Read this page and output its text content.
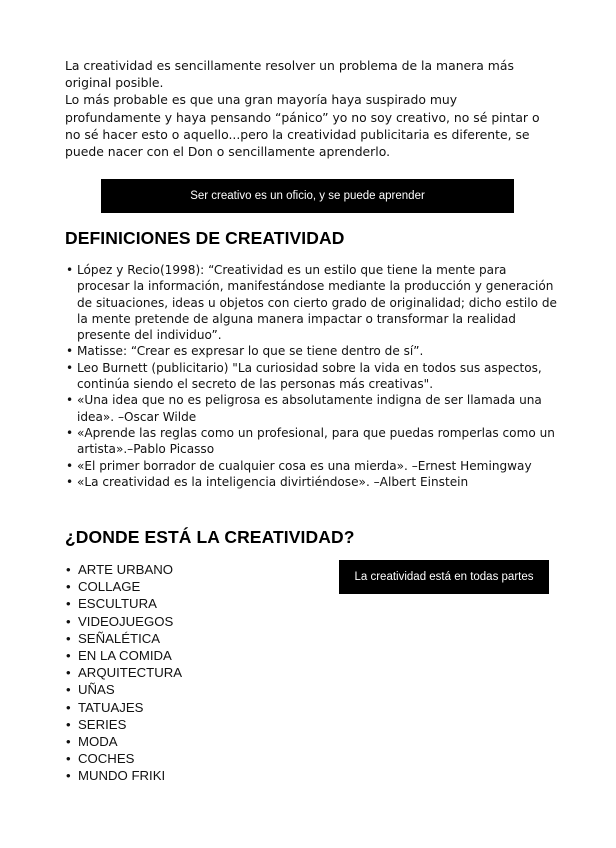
La creatividad es sencillamente resolver un problema de la manera más original posible.

Lo más probable es que una gran mayoría haya suspirado muy profundamente y haya pensando “pánico” yo no soy creativo, no sé pintar o no sé hacer esto o aquello...pero la creatividad publicitaria es diferente, se puede nacer con el Don o sencillamente aprenderlo.

Ser creativo es un oficio, y se puede aprender
DEFINICIONES DE CREATIVIDAD
• López y Recio(1998): “Creatividad es un estilo que tiene la mente para procesar la información, manifestándose mediante la producción y generación de situaciones, ideas u objetos con cierto grado de originalidad; dicho estilo de la mente pretende de alguna manera impactar o transformar la realidad presente del individuo”.
• Matisse: “Crear es expresar lo que se tiene dentro de sí”.
• Leo Burnett (publicitario) "La curiosidad sobre la vida en todos sus aspectos, continúa siendo el secreto de las personas más creativas".
• «Una idea que no es peligrosa es absolutamente indigna de ser llamada una idea». –Oscar Wilde
• «Aprende las reglas como un profesional, para que puedas romperlas como un artista».–Pablo Picasso
• «El primer borrador de cualquier cosa es una mierda». –Ernest Hemingway
• «La creatividad es la inteligencia divirtiéndose». –Albert Einstein
¿DONDE ESTÁ LA CREATIVIDAD?
• ARTE URBANO
• COLLAGE
• ESCULTURA
• VIDEOJUEGOS
• SEÑALÉTICA
• EN LA COMIDA
• ARQUITECTURA
• UÑAS
• TATUAJES
• SERIES
• MODA
• COCHES
• MUNDO FRIKI
La creatividad está en todas partes
